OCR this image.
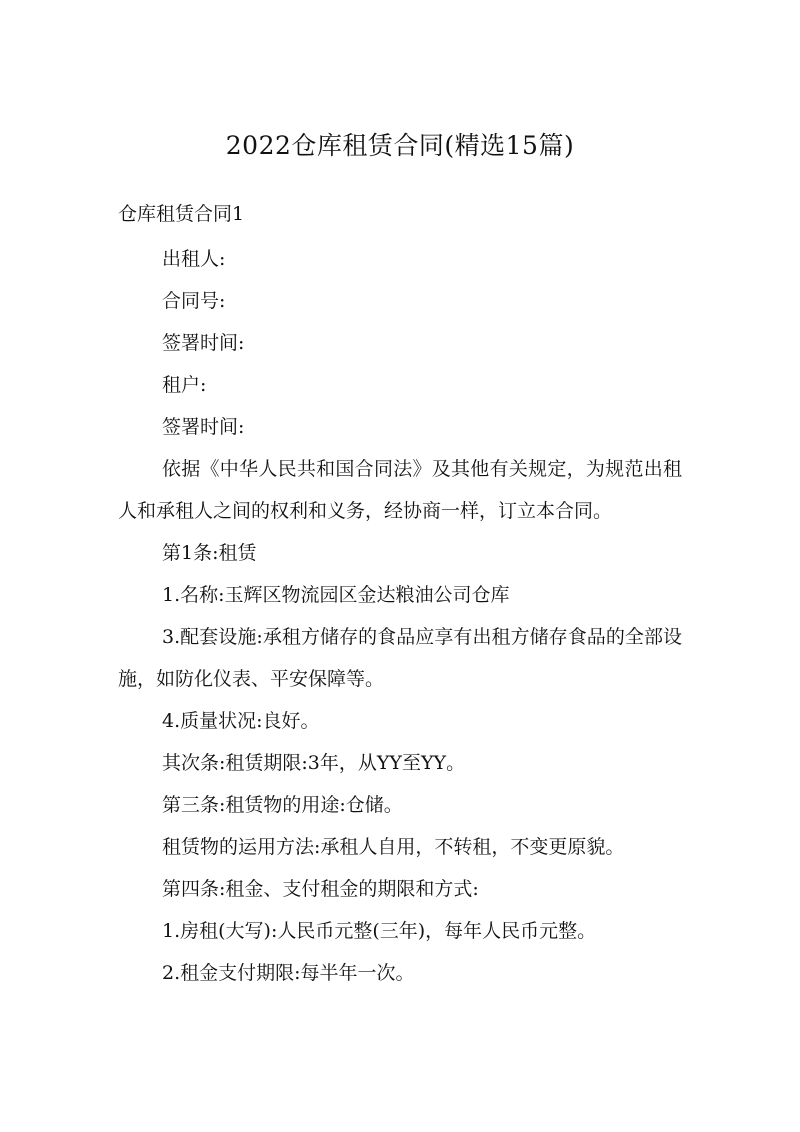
2022仓库租赁合同(精选15篇)
仓库租赁合同1

出租人:

合同号:

签署时间:

租户:

签署时间:

依据《中华人民共和国合同法》及其他有关规定，为规范出租人和承租人之间的权利和义务，经协商一样，订立本合同。

第1条:租赁

1.名称:玉辉区物流园区金达粮油公司仓库

3.配套设施:承租方储存的食品应享有出租方储存食品的全部设施，如防化仪表、平安保障等。

4.质量状况:良好。

其次条:租赁期限:3年，从YY至YY。

第三条:租赁物的用途:仓储。

租赁物的运用方法:承租人自用，不转租，不变更原貌。

第四条:租金、支付租金的期限和方式:

1.房租(大写):人民币元整(三年)，每年人民币元整。

2.租金支付期限:每半年一次。
